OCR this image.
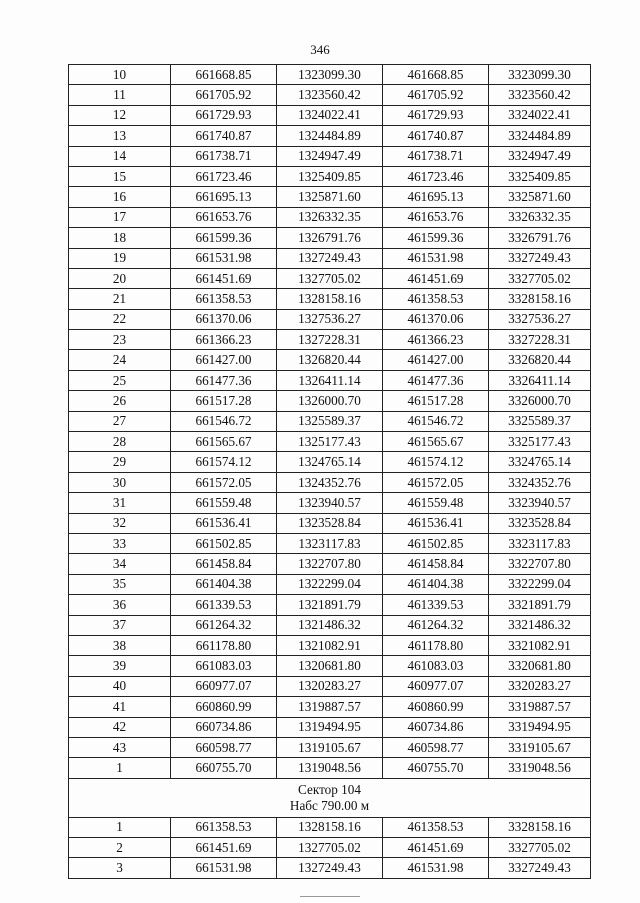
346
10	661668.85	1323099.30	461668.85	3323099.30
11	661705.92	1323560.42	461705.92	3323560.42
12	661729.93	1324022.41	461729.93	3324022.41
13	661740.87	1324484.89	461740.87	3324484.89
14	661738.71	1324947.49	461738.71	3324947.49
15	661723.46	1325409.85	461723.46	3325409.85
16	661695.13	1325871.60	461695.13	3325871.60
17	661653.76	1326332.35	461653.76	3326332.35
18	661599.36	1326791.76	461599.36	3326791.76
19	661531.98	1327249.43	461531.98	3327249.43
20	661451.69	1327705.02	461451.69	3327705.02
21	661358.53	1328158.16	461358.53	3328158.16
22	661370.06	1327536.27	461370.06	3327536.27
23	661366.23	1327228.31	461366.23	3327228.31
24	661427.00	1326820.44	461427.00	3326820.44
25	661477.36	1326411.14	461477.36	3326411.14
26	661517.28	1326000.70	461517.28	3326000.70
27	661546.72	1325589.37	461546.72	3325589.37
28	661565.67	1325177.43	461565.67	3325177.43
29	661574.12	1324765.14	461574.12	3324765.14
30	661572.05	1324352.76	461572.05	3324352.76
31	661559.48	1323940.57	461559.48	3323940.57
32	661536.41	1323528.84	461536.41	3323528.84
33	661502.85	1323117.83	461502.85	3323117.83
34	661458.84	1322707.80	461458.84	3322707.80
35	661404.38	1322299.04	461404.38	3322299.04
36	661339.53	1321891.79	461339.53	3321891.79
37	661264.32	1321486.32	461264.32	3321486.32
38	661178.80	1321082.91	461178.80	3321082.91
39	661083.03	1320681.80	461083.03	3320681.80
40	660977.07	1320283.27	460977.07	3320283.27
41	660860.99	1319887.57	460860.99	3319887.57
42	660734.86	1319494.95	460734.86	3319494.95
43	660598.77	1319105.67	460598.77	3319105.67
1	660755.70	1319048.56	460755.70	3319048.56

Сектор 104
Набс 790.00 м				

1	661358.53	1328158.16	461358.53	3328158.16
2	661451.69	1327705.02	461451.69	3327705.02
3	661531.98	1327249.43	461531.98	3327249.43
